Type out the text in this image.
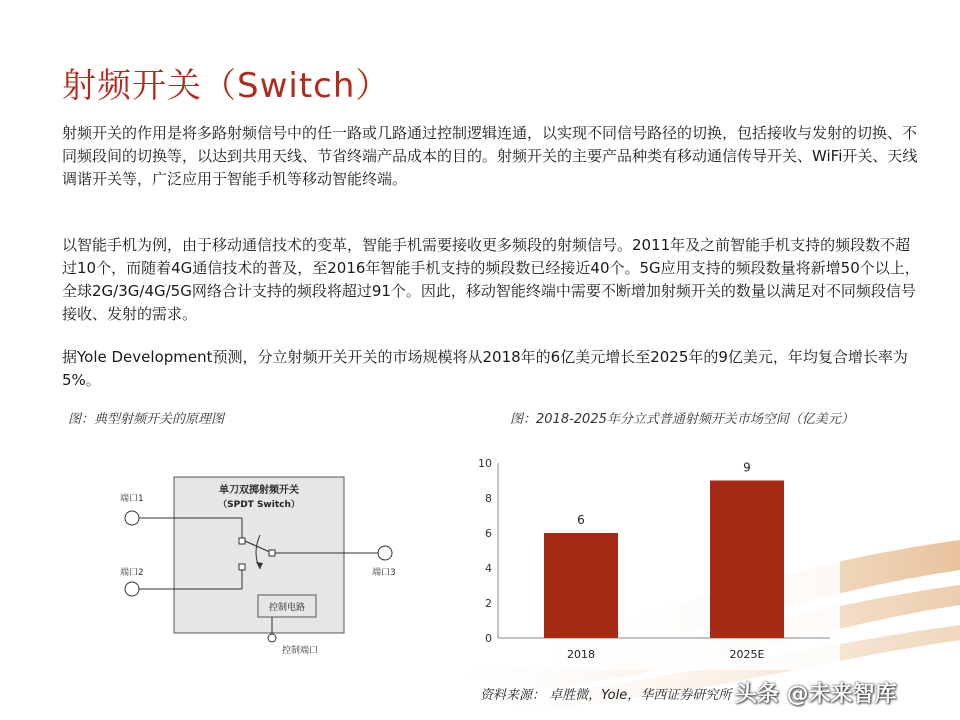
射频开关（Switch）
射频开关的作用是将多路射频信号中的任一路或几路通过控制逻辑连通，以实现不同信号路径的切换，包括接收与发射的切换、不同频段间的切换等，以达到共用天线、节省终端产品成本的目的。射频开关的主要产品种类有移动通信传导开关、WiFi开关、天线调谐开关等，广泛应用于智能手机等移动智能终端。
以智能手机为例，由于移动通信技术的变革，智能手机需要接收更多频段的射频信号。2011年及之前智能手机支持的频段数不超过10个，而随着4G通信技术的普及，至2016年智能手机支持的频段数已经接近40个。5G应用支持的频段数量将新增50个以上，全球2G/3G/4G/5G网络合计支持的频段将超过91个。因此，移动智能终端中需要不断增加射频开关的数量以满足对不同频段信号接收、发射的需求。
据Yole Development预测，分立射频开关开关的市场规模将从2018年的6亿美元增长至2025年的9亿美元，年均复合增长率为5%。
图：典型射频开关的原理图	图：2018-2025年分立式普通射频开关市场空间（亿美元）
单刀双掷射频开关
（SPDT Switch）
端口1
端口2	端口3
控制电路
控制端口
0
2
4
6
8
10
6
2018
9
2025E
资料来源： 卓胜微，Yole，华西证券研究所 头条 @未来智库
